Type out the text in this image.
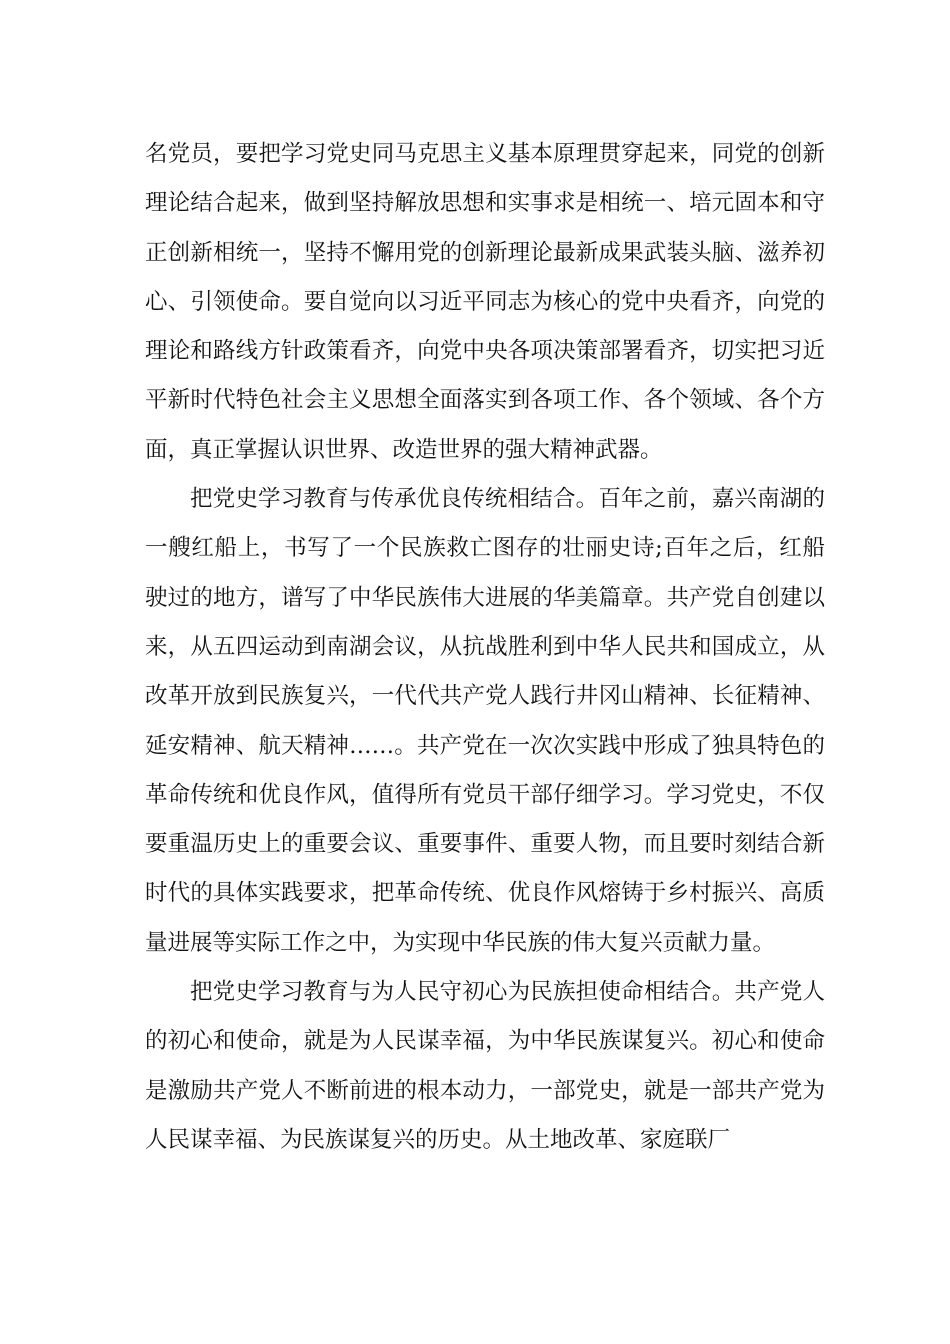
名党员，要把学习党史同马克思主义基本原理贯穿起来，同党的创新理论结合起来，做到坚持解放思想和实事求是相统一、培元固本和守正创新相统一，坚持不懈用党的创新理论最新成果武装头脑、滋养初心、引领使命。要自觉向以习近平同志为核心的党中央看齐，向党的理论和路线方针政策看齐，向党中央各项决策部署看齐，切实把习近平新时代特色社会主义思想全面落实到各项工作、各个领域、各个方面，真正掌握认识世界、改造世界的强大精神武器。

把党史学习教育与传承优良传统相结合。百年之前，嘉兴南湖的一艘红船上，书写了一个民族救亡图存的壮丽史诗;百年之后，红船驶过的地方，谱写了中华民族伟大进展的华美篇章。共产党自创建以来，从五四运动到南湖会议，从抗战胜利到中华人民共和国成立，从改革开放到民族复兴，一代代共产党人践行井冈山精神、长征精神、延安精神、航天精神……。共产党在一次次实践中形成了独具特色的革命传统和优良作风，值得所有党员干部仔细学习。学习党史，不仅要重温历史上的重要会议、重要事件、重要人物，而且要时刻结合新时代的具体实践要求，把革命传统、优良作风熔铸于乡村振兴、高质量进展等实际工作之中，为实现中华民族的伟大复兴贡献力量。

把党史学习教育与为人民守初心为民族担使命相结合。共产党人的初心和使命，就是为人民谋幸福，为中华民族谋复兴。初心和使命是激励共产党人不断前进的根本动力，一部党史，就是一部共产党为人民谋幸福、为民族谋复兴的历史。从土地改革、家庭联厂
